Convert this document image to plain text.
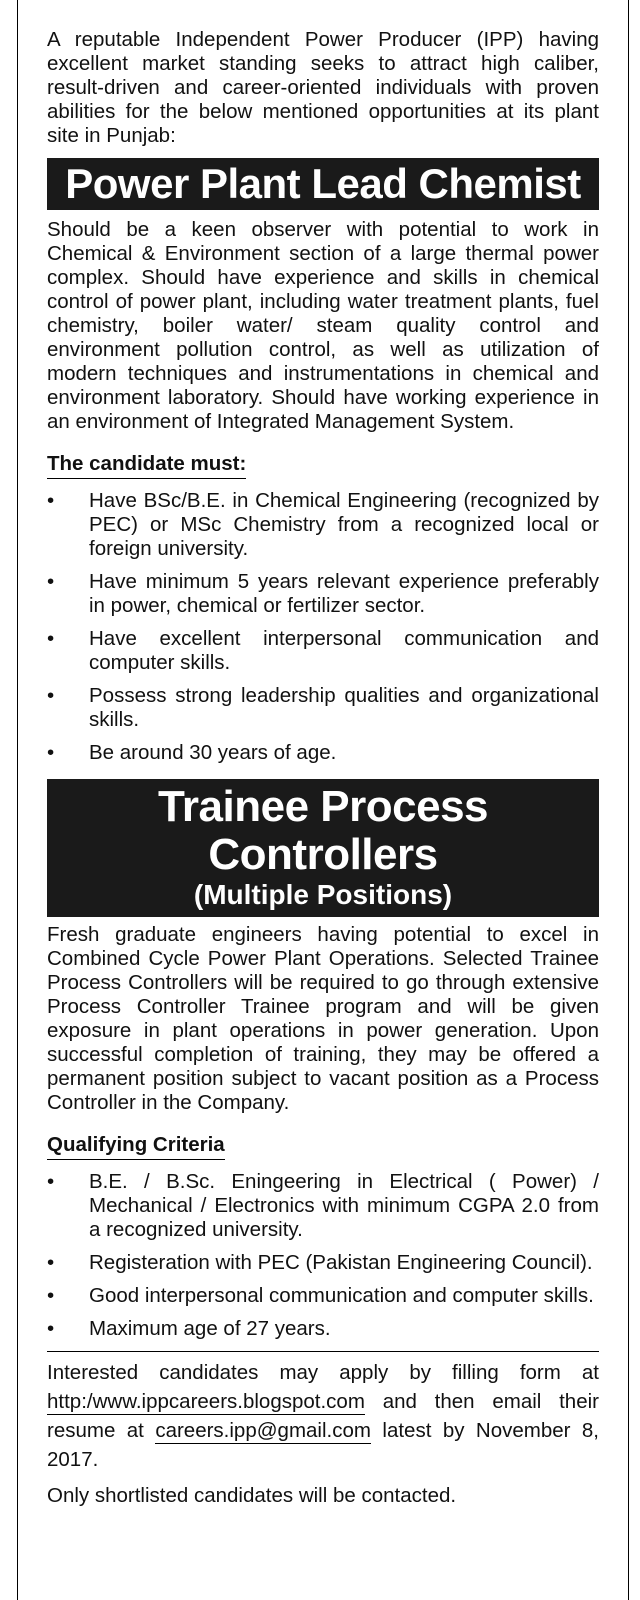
A reputable Independent Power Producer (IPP) having excellent market standing seeks to attract high caliber, result-driven and career-oriented individuals with proven abilities for the below mentioned opportunities at its plant site in Punjab:

Power Plant Lead Chemist

Should be a keen observer with potential to work in Chemical & Environment section of a large thermal power complex. Should have experience and skills in chemical control of power plant, including water treatment plants, fuel chemistry, boiler water/ steam quality control and environment pollution control, as well as utilization of modern techniques and instrumentations in chemical and environment laboratory. Should have working experience in an environment of Integrated Management System.

The candidate must:
• Have BSc/B.E. in Chemical Engineering (recognized by PEC) or MSc Chemistry from a recognized local or foreign university.
• Have minimum 5 years relevant experience preferably in power, chemical or fertilizer sector.
• Have excellent interpersonal communication and computer skills.
• Possess strong leadership qualities and organizational skills.
• Be around 30 years of age.
Trainee Process Controllers
(Multiple Positions)

Fresh graduate engineers having potential to excel in Combined Cycle Power Plant Operations. Selected Trainee Process Controllers will be required to go through extensive Process Controller Trainee program and will be given exposure in plant operations in power generation. Upon successful completion of training, they may be offered a permanent position subject to vacant position as a Process Controller in the Company.

Qualifying Criteria
• B.E. / B.Sc. Eningeering in Electrical ( Power) / Mechanical / Electronics with minimum CGPA 2.0 from a recognized university.
• Registeration with PEC (Pakistan Engineering Council).
• Good interpersonal communication and computer skills.
• Maximum age of 27 years.

Interested candidates may apply by filling form at http:/www.ippcareers.blogspot.com and then email their resume at careers.ipp@gmail.com latest by November 8, 2017.

Only shortlisted candidates will be contacted.
